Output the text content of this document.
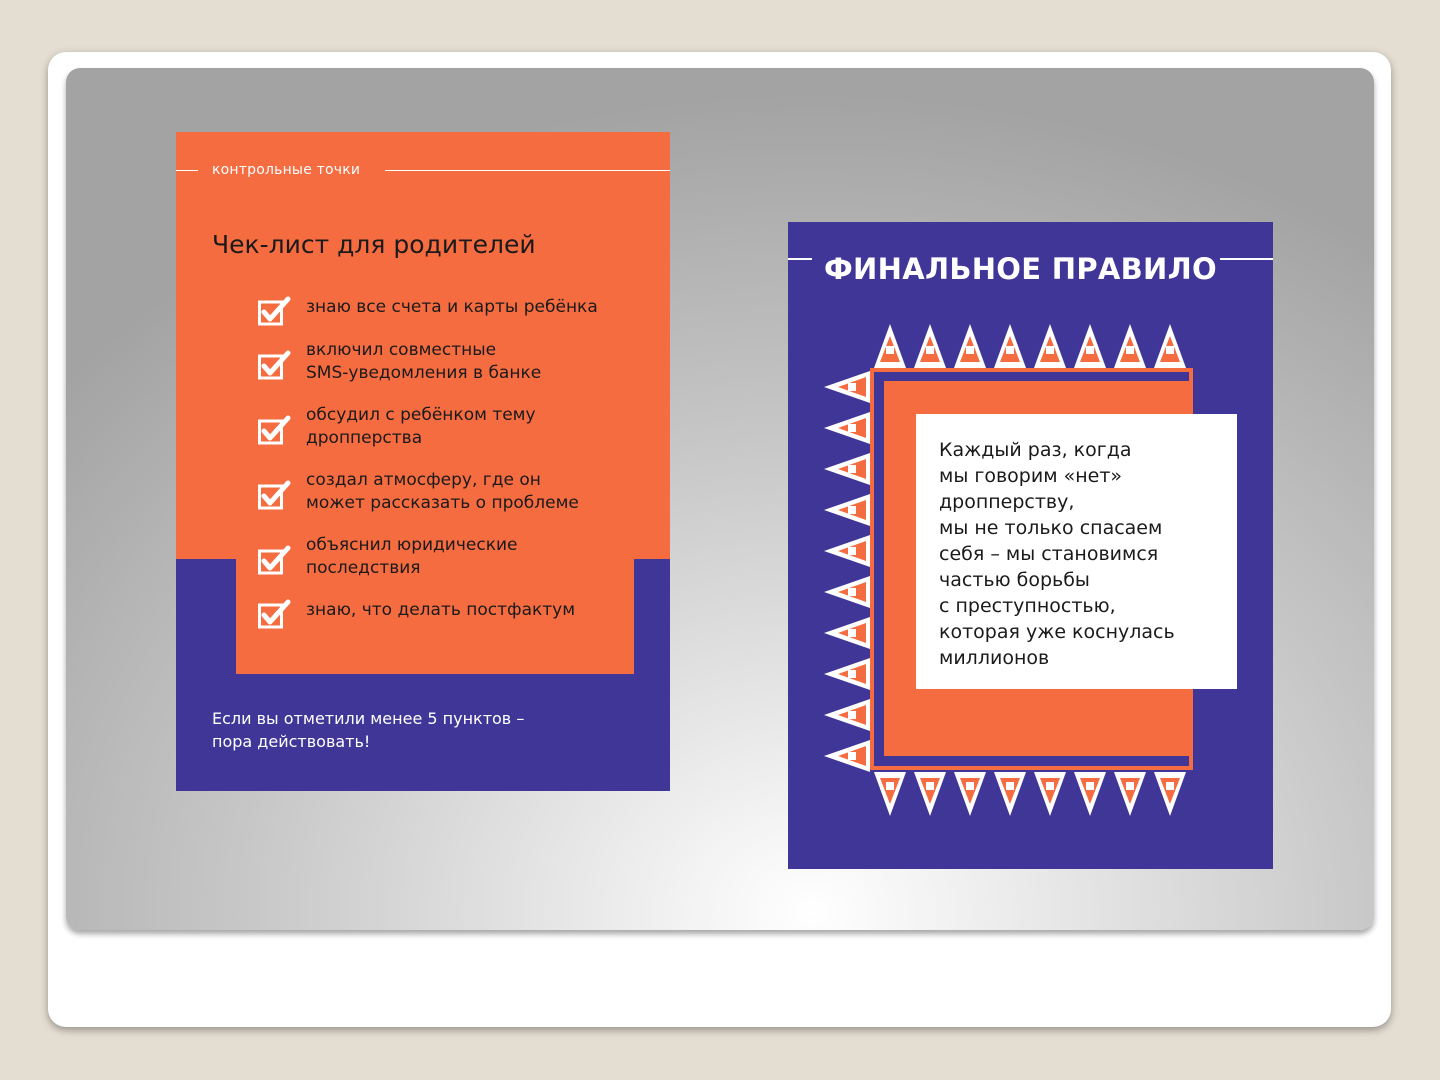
контрольные точки
Чек-лист для родителей
знаю все счета и карты ребёнка
включил совместные
SMS-уведомления в банке
обсудил с ребёнком тему
дропперства
создал атмосферу, где он
может рассказать о проблеме
объяснил юридические
последствия
знаю, что делать постфактум
Если вы отметили менее 5 пунктов –
пора действовать!
ФИНАЛЬНОЕ ПРАВИЛО
Каждый раз, когда
мы говорим «нет»
дропперству,
мы не только спасаем
себя – мы становимся
частью борьбы
с преступностью,
которая уже коснулась
миллионов
